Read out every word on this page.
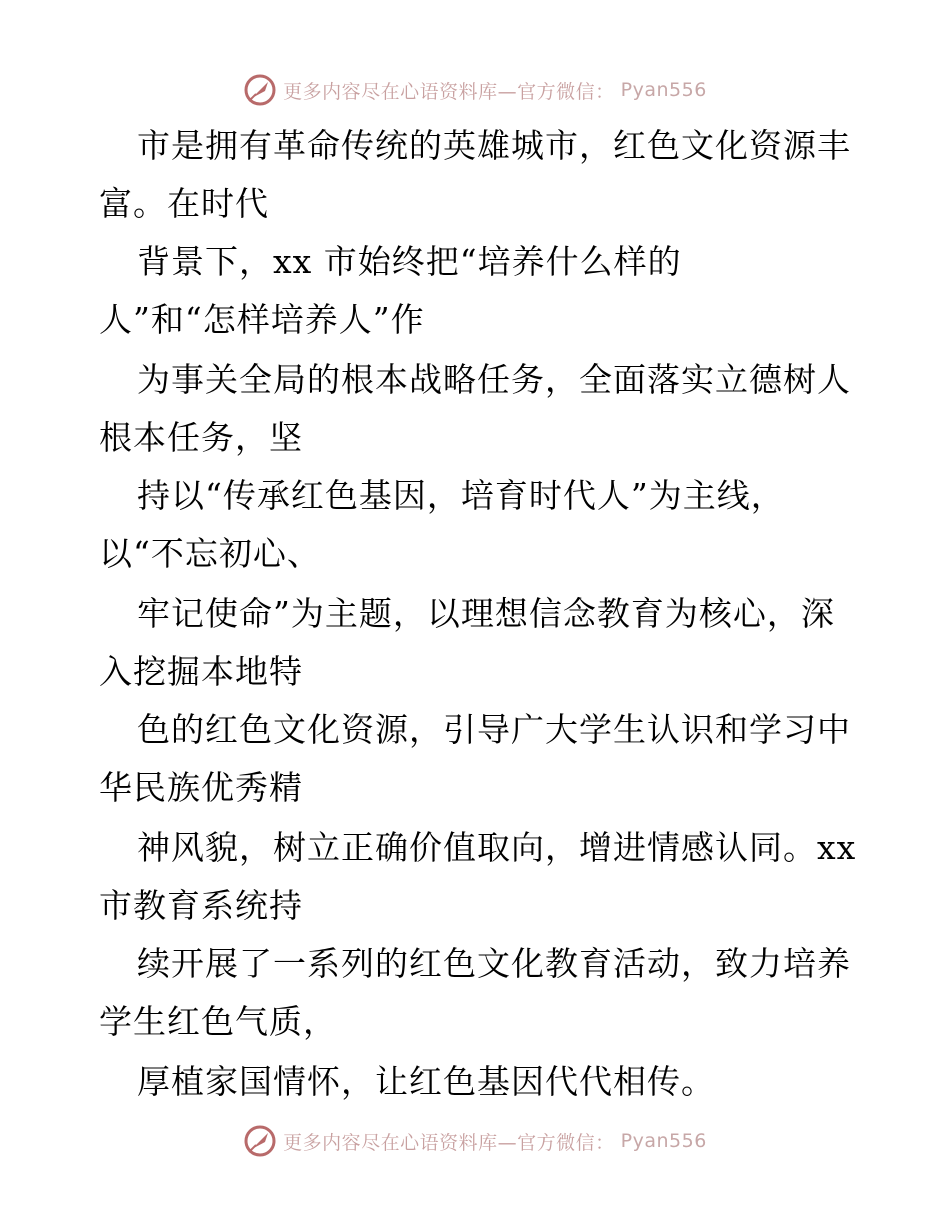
更多内容尽在心语资料库—官方微信： Pyan556

市是拥有革命传统的英雄城市，红色文化资源丰

富。在时代

背景下，xx 市始终把“培养什么样的

人”和“怎样培养人”作

为事关全局的根本战略任务，全面落实立德树人

根本任务，坚

持以“传承红色基因，培育时代人”为主线，

以“不忘初心、

牢记使命”为主题，以理想信念教育为核心，深

入挖掘本地特

色的红色文化资源，引导广大学生认识和学习中

华民族优秀精

神风貌，树立正确价值取向，增进情感认同。xx

市教育系统持

续开展了一系列的红色文化教育活动，致力培养

学生红色气质，

厚植家国情怀，让红色基因代代相传。

更多内容尽在心语资料库—官方微信： Pyan556
